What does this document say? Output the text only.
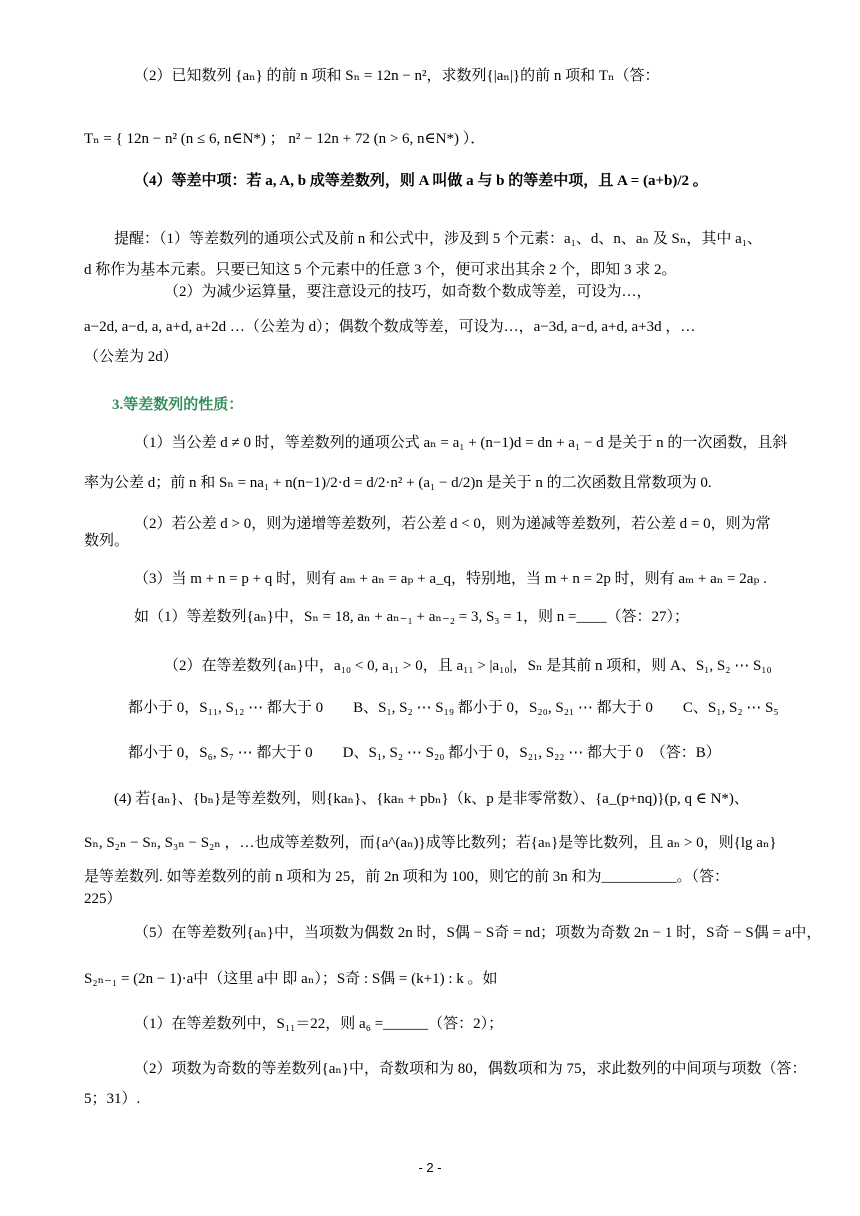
（2）已知数列 {aₙ} 的前 n 项和 Sₙ = 12n − n²，求数列{|aₙ|}的前 n 项和 Tₙ（答：
Tₙ = { 12n − n² (n ≤ 6, n∈N*) ； n² − 12n + 72 (n > 6, n∈N*) ）．
（4）等差中项：若 a, A, b 成等差数列，则 A 叫做 a 与 b 的等差中项，且 A = (a+b)/2 。
提醒：（1）等差数列的通项公式及前 n 和公式中，涉及到 5 个元素：a₁、d、n、aₙ 及 Sₙ，其中 a₁、
d 称作为基本元素。只要已知这 5 个元素中的任意 3 个，便可求出其余 2 个，即知 3 求 2。
（2）为减少运算量，要注意设元的技巧，如奇数个数成等差，可设为…，
a−2d, a−d, a, a+d, a+2d …（公差为 d）；偶数个数成等差，可设为…，a−3d, a−d, a+d, a+3d ，…
（公差为 2d）
3.等差数列的性质：
（1）当公差 d ≠ 0 时，等差数列的通项公式 aₙ = a₁ + (n−1)d = dn + a₁ − d 是关于 n 的一次函数，且斜
率为公差 d；前 n 和 Sₙ = na₁ + n(n−1)/2·d = d/2·n² + (a₁ − d/2)n 是关于 n 的二次函数且常数项为 0.
（2）若公差 d > 0，则为递增等差数列，若公差 d < 0，则为递减等差数列，若公差 d = 0，则为常
数列。
（3）当 m + n = p + q 时，则有 aₘ + aₙ = aₚ + a_q，特别地，当 m + n = 2p 时，则有 aₘ + aₙ = 2aₚ .
如（1）等差数列{aₙ}中，Sₙ = 18, aₙ + aₙ₋₁ + aₙ₋₂ = 3, S₃ = 1，则 n =____（答：27）；
（2）在等差数列{aₙ}中，a₁₀ < 0, a₁₁ > 0，且 a₁₁ > |a₁₀|，Sₙ 是其前 n 项和，则 A、S₁, S₂ ⋯ S₁₀
都小于 0，S₁₁, S₁₂ ⋯ 都大于 0　　B、S₁, S₂ ⋯ S₁₉ 都小于 0，S₂₀, S₂₁ ⋯ 都大于 0　　C、S₁, S₂ ⋯ S₅
都小于 0，S₆, S₇ ⋯ 都大于 0　　D、S₁, S₂ ⋯ S₂₀ 都小于 0，S₂₁, S₂₂ ⋯ 都大于 0　（答：B）
(4) 若{aₙ}、{bₙ}是等差数列，则{kaₙ}、{kaₙ + pbₙ}（k、p 是非零常数）、{a_(p+nq)}(p, q ∈ N*)、
Sₙ, S₂ₙ − Sₙ, S₃ₙ − S₂ₙ ，…也成等差数列，而{a^(aₙ)}成等比数列；若{aₙ}是等比数列，且 aₙ > 0，则{lg aₙ}
是等差数列. 如等差数列的前 n 项和为 25，前 2n 项和为 100，则它的前 3n 和为__________。（答：
225）
（5）在等差数列{aₙ}中，当项数为偶数 2n 时，S偶 − S奇 = nd；项数为奇数 2n − 1 时，S奇 − S偶 = a中，
S₂ₙ₋₁ = (2n − 1)·a中（这里 a中 即 aₙ）；S奇 : S偶 = (k+1) : k 。如
（1）在等差数列中，S₁₁＝22，则 a₆ =______（答：2）；
（2）项数为奇数的等差数列{aₙ}中，奇数项和为 80，偶数项和为 75，求此数列的中间项与项数（答：
5；31）.
- 2 -
